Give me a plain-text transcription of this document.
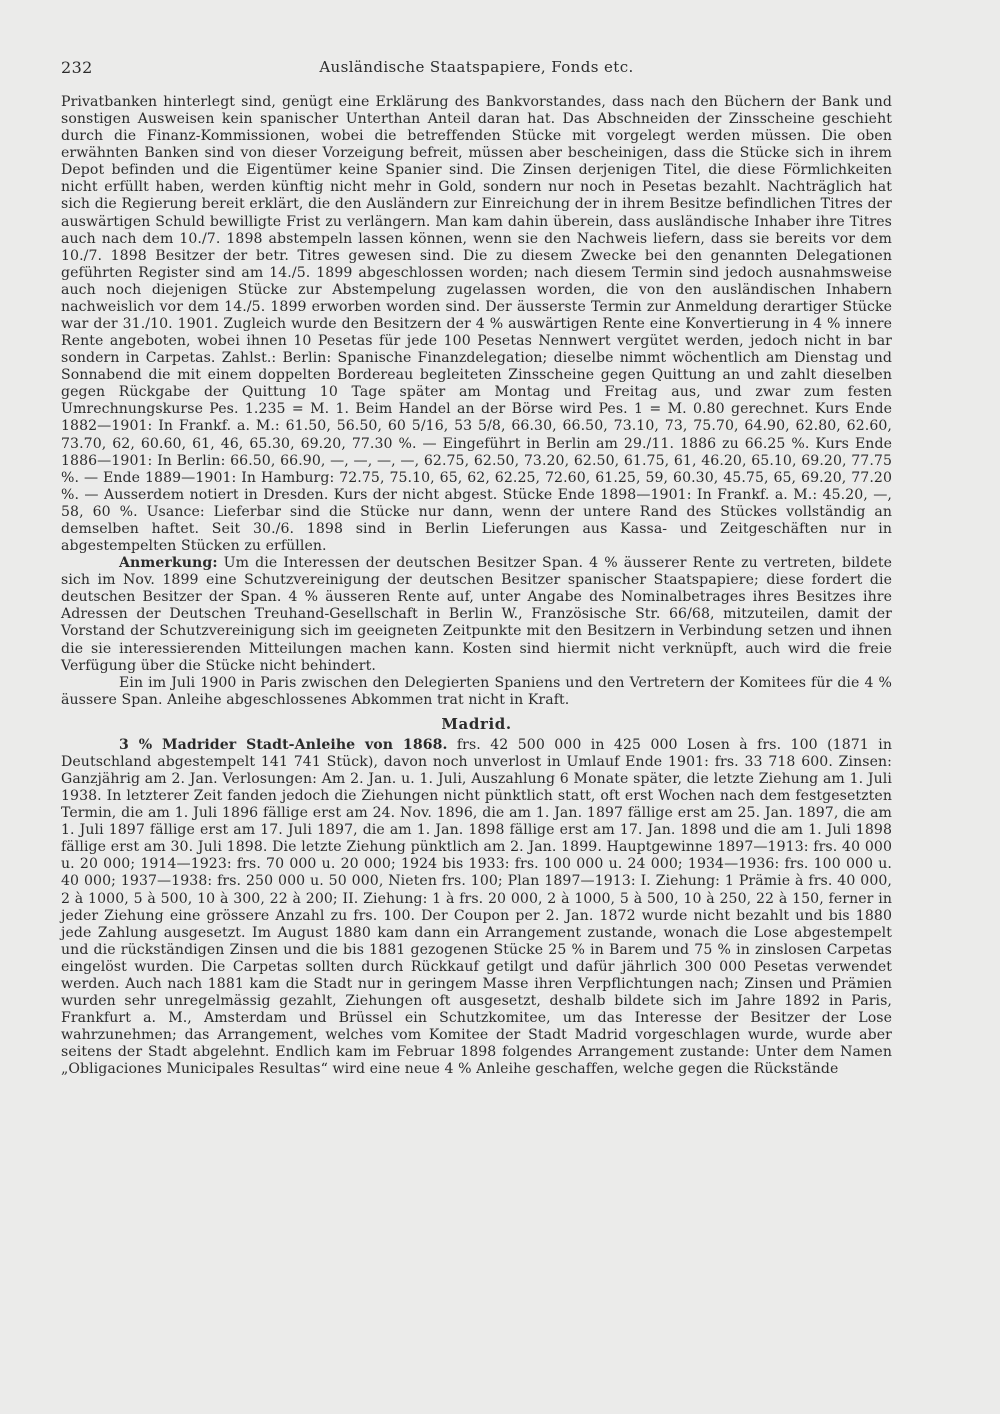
232	Ausländische Staatspapiere, Fonds etc.

Privatbanken hinterlegt sind, genügt eine Erklärung des Bankvorstandes, dass nach den Büchern der Bank und sonstigen Ausweisen kein spanischer Unterthan Anteil daran hat. Das Abschneiden der Zinsscheine geschieht durch die Finanz-Kommissionen, wobei die betreffenden Stücke mit vorgelegt werden müssen. Die oben erwähnten Banken sind von dieser Vorzeigung befreit, müssen aber bescheinigen, dass die Stücke sich in ihrem Depot befinden und die Eigentümer keine Spanier sind. Die Zinsen derjenigen Titel, die diese Förmlichkeiten nicht erfüllt haben, werden künftig nicht mehr in Gold, sondern nur noch in Pesetas bezahlt. Nachträglich hat sich die Regierung bereit erklärt, die den Ausländern zur Einreichung der in ihrem Besitze befindlichen Titres der auswärtigen Schuld bewilligte Frist zu verlängern. Man kam dahin überein, dass ausländische Inhaber ihre Titres auch nach dem 10./7. 1898 abstempeln lassen können, wenn sie den Nachweis liefern, dass sie bereits vor dem 10./7. 1898 Besitzer der betr. Titres gewesen sind. Die zu diesem Zwecke bei den genannten Delegationen geführten Register sind am 14./5. 1899 abgeschlossen worden; nach diesem Termin sind jedoch ausnahmsweise auch noch diejenigen Stücke zur Abstempelung zugelassen worden, die von den ausländischen Inhabern nachweislich vor dem 14./5. 1899 erworben worden sind. Der äusserste Termin zur Anmeldung derartiger Stücke war der 31./10. 1901. Zugleich wurde den Besitzern der 4 % auswärtigen Rente eine Konvertierung in 4 % innere Rente angeboten, wobei ihnen 10 Pesetas für jede 100 Pesetas Nennwert vergütet werden, jedoch nicht in bar sondern in Carpetas. Zahlst.: Berlin: Spanische Finanzdelegation; dieselbe nimmt wöchentlich am Dienstag und Sonnabend die mit einem doppelten Bordereau begleiteten Zinsscheine gegen Quittung an und zahlt dieselben gegen Rückgabe der Quittung 10 Tage später am Montag und Freitag aus, und zwar zum festen Umrechnungskurse Pes. 1.235 = M. 1. Beim Handel an der Börse wird Pes. 1 = M. 0.80 gerechnet. Kurs Ende 1882—1901: In Frankf. a. M.: 61.50, 56.50, 60 5/16, 53 5/8, 66.30, 66.50, 73.10, 73, 75.70, 64.90, 62.80, 62.60, 73.70, 62, 60.60, 61, 46, 65.30, 69.20, 77.30 %. — Eingeführt in Berlin am 29./11. 1886 zu 66.25 %. Kurs Ende 1886—1901: In Berlin: 66.50, 66.90, —, —, —, —, 62.75, 62.50, 73.20, 62.50, 61.75, 61, 46.20, 65.10, 69.20, 77.75 %. — Ende 1889—1901: In Hamburg: 72.75, 75.10, 65, 62, 62.25, 72.60, 61.25, 59, 60.30, 45.75, 65, 69.20, 77.20 %. — Ausserdem notiert in Dresden. Kurs der nicht abgest. Stücke Ende 1898—1901: In Frankf. a. M.: 45.20, —, 58, 60 %. Usance: Lieferbar sind die Stücke nur dann, wenn der untere Rand des Stückes vollständig an demselben haftet. Seit 30./6. 1898 sind in Berlin Lieferungen aus Kassa- und Zeitgeschäften nur in abgestempelten Stücken zu erfüllen.

Anmerkung: Um die Interessen der deutschen Besitzer Span. 4 % äusserer Rente zu vertreten, bildete sich im Nov. 1899 eine Schutzvereinigung der deutschen Besitzer spanischer Staatspapiere; diese fordert die deutschen Besitzer der Span. 4 % äusseren Rente auf, unter Angabe des Nominalbetrages ihres Besitzes ihre Adressen der Deutschen Treuhand-Gesellschaft in Berlin W., Französische Str. 66/68, mitzuteilen, damit der Vorstand der Schutzvereinigung sich im geeigneten Zeitpunkte mit den Besitzern in Verbindung setzen und ihnen die sie interessierenden Mitteilungen machen kann. Kosten sind hiermit nicht verknüpft, auch wird die freie Verfügung über die Stücke nicht behindert.

Ein im Juli 1900 in Paris zwischen den Delegierten Spaniens und den Vertretern der Komitees für die 4 % äussere Span. Anleihe abgeschlossenes Abkommen trat nicht in Kraft.

Madrid.

3 % Madrider Stadt-Anleihe von 1868. frs. 42 500 000 in 425 000 Losen à frs. 100 (1871 in Deutschland abgestempelt 141 741 Stück), davon noch unverlost in Umlauf Ende 1901: frs. 33 718 600. Zinsen: Ganzjährig am 2. Jan. Verlosungen: Am 2. Jan. u. 1. Juli, Auszahlung 6 Monate später, die letzte Ziehung am 1. Juli 1938. In letzterer Zeit fanden jedoch die Ziehungen nicht pünktlich statt, oft erst Wochen nach dem festgesetzten Termin, die am 1. Juli 1896 fällige erst am 24. Nov. 1896, die am 1. Jan. 1897 fällige erst am 25. Jan. 1897, die am 1. Juli 1897 fällige erst am 17. Juli 1897, die am 1. Jan. 1898 fällige erst am 17. Jan. 1898 und die am 1. Juli 1898 fällige erst am 30. Juli 1898. Die letzte Ziehung pünktlich am 2. Jan. 1899. Hauptgewinne 1897—1913: frs. 40 000 u. 20 000; 1914—1923: frs. 70 000 u. 20 000; 1924 bis 1933: frs. 100 000 u. 24 000; 1934—1936: frs. 100 000 u. 40 000; 1937—1938: frs. 250 000 u. 50 000, Nieten frs. 100; Plan 1897—1913: I. Ziehung: 1 Prämie à frs. 40 000, 2 à 1000, 5 à 500, 10 à 300, 22 à 200; II. Ziehung: 1 à frs. 20 000, 2 à 1000, 5 à 500, 10 à 250, 22 à 150, ferner in jeder Ziehung eine grössere Anzahl zu frs. 100. Der Coupon per 2. Jan. 1872 wurde nicht bezahlt und bis 1880 jede Zahlung ausgesetzt. Im August 1880 kam dann ein Arrangement zustande, wonach die Lose abgestempelt und die rückständigen Zinsen und die bis 1881 gezogenen Stücke 25 % in Barem und 75 % in zinslosen Carpetas eingelöst wurden. Die Carpetas sollten durch Rückkauf getilgt und dafür jährlich 300 000 Pesetas verwendet werden. Auch nach 1881 kam die Stadt nur in geringem Masse ihren Verpflichtungen nach; Zinsen und Prämien wurden sehr unregelmässig gezahlt, Ziehungen oft ausgesetzt, deshalb bildete sich im Jahre 1892 in Paris, Frankfurt a. M., Amsterdam und Brüssel ein Schutzkomitee, um das Interesse der Besitzer der Lose wahrzunehmen; das Arrangement, welches vom Komitee der Stadt Madrid vorgeschlagen wurde, wurde aber seitens der Stadt abgelehnt. Endlich kam im Februar 1898 folgendes Arrangement zustande: Unter dem Namen „Obligaciones Municipales Resultas“ wird eine neue 4 % Anleihe geschaffen, welche gegen die Rückstände
